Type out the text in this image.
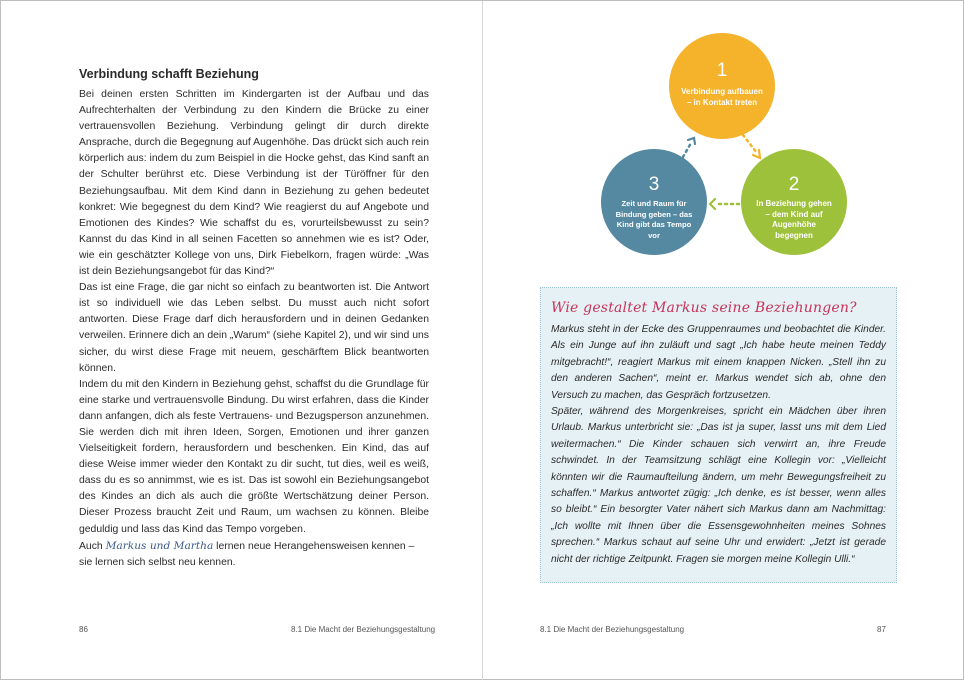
Verbindung schafft Beziehung

Bei deinen ersten Schritten im Kindergarten ist der Aufbau und das Aufrechterhalten der Verbindung zu den Kindern die Brücke zu einer vertrauensvollen Beziehung. Verbindung gelingt dir durch direkte Ansprache, durch die Begegnung auf Augenhöhe. Das drückt sich auch rein körperlich aus: indem du zum Beispiel in die Hocke gehst, das Kind sanft an der Schulter berührst etc. Diese Verbindung ist der Türöffner für den Beziehungsaufbau. Mit dem Kind dann in Beziehung zu gehen bedeutet konkret: Wie begegnest du dem Kind? Wie reagierst du auf Angebote und Emotionen des Kindes? Wie schaffst du es, vorurteilsbewusst zu sein? Kannst du das Kind in all seinen Facetten so annehmen wie es ist? Oder, wie ein geschätzter Kollege von uns, Dirk Fiebelkorn, fragen würde: „Was ist dein Beziehungsangebot für das Kind?“

Das ist eine Frage, die gar nicht so einfach zu beantworten ist. Die Antwort ist so individuell wie das Leben selbst. Du musst auch nicht sofort antworten. Diese Frage darf dich herausfordern und in deinen Gedanken verweilen. Erinnere dich an dein „Warum“ (siehe Kapitel 2), und wir sind uns sicher, du wirst diese Frage mit neuem, geschärftem Blick beantworten können.

Indem du mit den Kindern in Beziehung gehst, schaffst du die Grundlage für eine starke und vertrauensvolle Bindung. Du wirst erfahren, dass die Kinder dann anfangen, dich als feste Vertrauens- und Bezugsperson anzunehmen. Sie werden dich mit ihren Ideen, Sorgen, Emotionen und ihrer ganzen Vielseitigkeit fordern, herausfordern und beschenken. Ein Kind, das auf diese Weise immer wieder den Kontakt zu dir sucht, tut dies, weil es weiß, dass du es so annimmst, wie es ist. Das ist sowohl ein Beziehungsangebot des Kindes an dich als auch die größte Wertschätzung deiner Person. Dieser Prozess braucht Zeit und Raum, um wachsen zu können. Bleibe geduldig und lass das Kind das Tempo vorgeben.

Auch Markus und Martha lernen neue Herangehensweisen kennen – sie lernen sich selbst neu kennen.

86	8.1 Die Macht der Beziehungsgestaltung
1
Verbindung aufbauen – in Kontakt treten
2
In Beziehung gehen – dem Kind auf Augenhöhe begegnen
3
Zeit und Raum für Bindung geben – das Kind gibt das Tempo vor
Wie gestaltet Markus seine Beziehungen?

Markus steht in der Ecke des Gruppenraumes und beobachtet die Kinder. Als ein Junge auf ihn zuläuft und sagt „Ich habe heute meinen Teddy mitgebracht!“, reagiert Markus mit einem knappen Nicken. „Stell ihn zu den anderen Sachen“, meint er. Markus wendet sich ab, ohne den Versuch zu machen, das Gespräch fortzusetzen.

Später, während des Morgenkreises, spricht ein Mädchen über ihren Urlaub. Markus unterbricht sie: „Das ist ja super, lasst uns mit dem Lied weitermachen.“ Die Kinder schauen sich verwirrt an, ihre Freude schwindet. In der Teamsitzung schlägt eine Kollegin vor: „Vielleicht könnten wir die Raumaufteilung ändern, um mehr Bewegungsfreiheit zu schaffen.“ Markus antwortet zügig: „Ich denke, es ist besser, wenn alles so bleibt.“ Ein besorgter Vater nähert sich Markus dann am Nachmittag: „Ich wollte mit Ihnen über die Essensgewohnheiten meines Sohnes sprechen.“ Markus schaut auf seine Uhr und erwidert: „Jetzt ist gerade nicht der richtige Zeitpunkt. Fragen sie morgen meine Kollegin Ulli.“

8.1 Die Macht der Beziehungsgestaltung	87
